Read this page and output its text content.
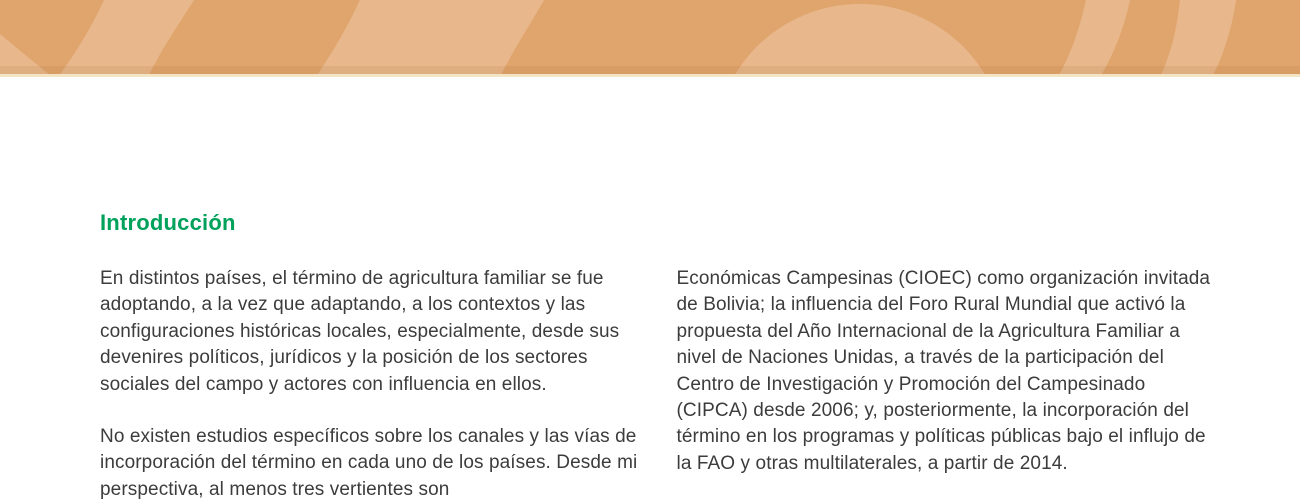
Introducción

En distintos países, el término de agricultura familiar se fue adoptando, a la vez que adaptando, a los contextos y las configuraciones históricas locales, especialmente, desde sus devenires políticos, jurídicos y la posición de los sectores sociales del campo y actores con influencia en ellos.

No existen estudios específicos sobre los canales y las vías de incorporación del término en cada uno de los países. Desde mi perspectiva, al menos tres vertientes son

Económicas Campesinas (CIOEC) como organización invitada de Bolivia; la influencia del Foro Rural Mundial que activó la propuesta del Año Internacional de la Agricultura Familiar a nivel de Naciones Unidas, a través de la participación del Centro de Investigación y Promoción del Campesinado (CIPCA) desde 2006; y, posteriormente, la incorporación del término en los programas y políticas públicas bajo el influjo de la FAO y otras multilaterales, a partir de 2014.
